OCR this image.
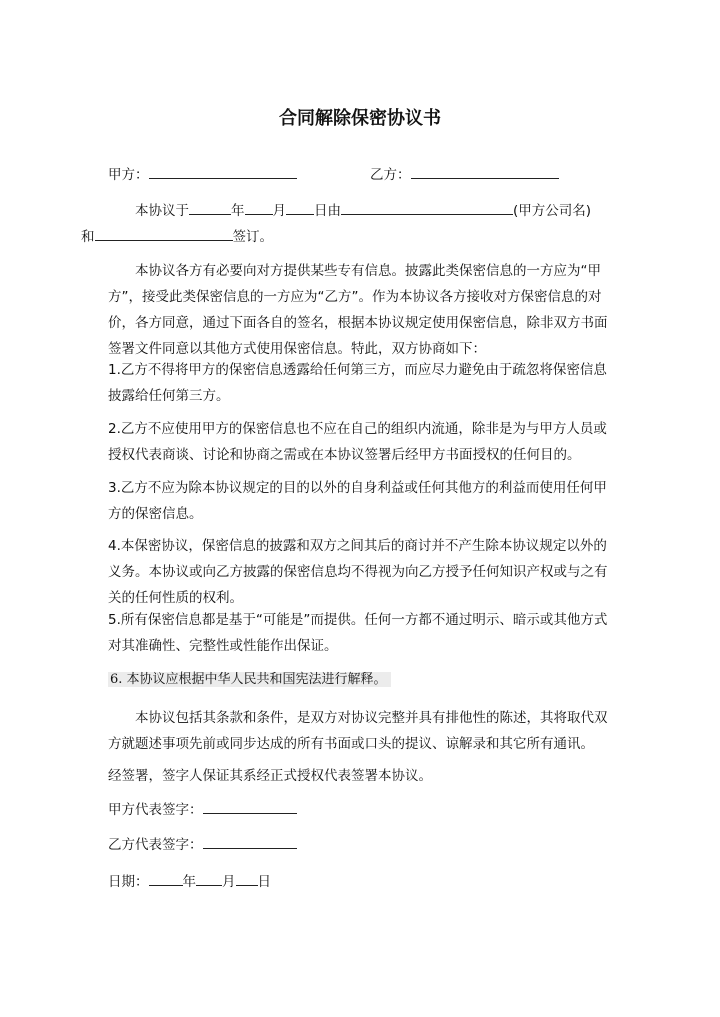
合同解除保密协议书
甲方：	乙方：
本协议于	年 月 日由	(甲方公司名)
和	签订。
本协议各方有必要向对方提供某些专有信息。披露此类保密信息的一方应为“甲方”，接受此类保密信息的一方应为“乙方”。作为本协议各方接收对方保密信息的对价，各方同意，通过下面各自的签名，根据本协议规定使用保密信息，除非双方书面签署文件同意以其他方式使用保密信息。特此，双方协商如下：
1.乙方不得将甲方的保密信息透露给任何第三方，而应尽力避免由于疏忽将保密信息披露给任何第三方。
2.乙方不应使用甲方的保密信息也不应在自己的组织内流通，除非是为与甲方人员或授权代表商谈、讨论和协商之需或在本协议签署后经甲方书面授权的任何目的。
3.乙方不应为除本协议规定的目的以外的自身利益或任何其他方的利益而使用任何甲方的保密信息。
4.本保密协议，保密信息的披露和双方之间其后的商讨并不产生除本协议规定以外的义务。本协议或向乙方披露的保密信息均不得视为向乙方授予任何知识产权或与之有关的任何性质的权利。
5.所有保密信息都是基于“可能是”而提供。任何一方都不通过明示、暗示或其他方式对其准确性、完整性或性能作出保证。
6. 本协议应根据中华人民共和国宪法进行解释。
本协议包括其条款和条件，是双方对协议完整并具有排他性的陈述，其将取代双方就题述事项先前或同步达成的所有书面或口头的提议、谅解录和其它所有通讯。
经签署，签字人保证其系经正式授权代表签署本协议。
甲方代表签字：
乙方代表签字：
日期：	年 月 日
